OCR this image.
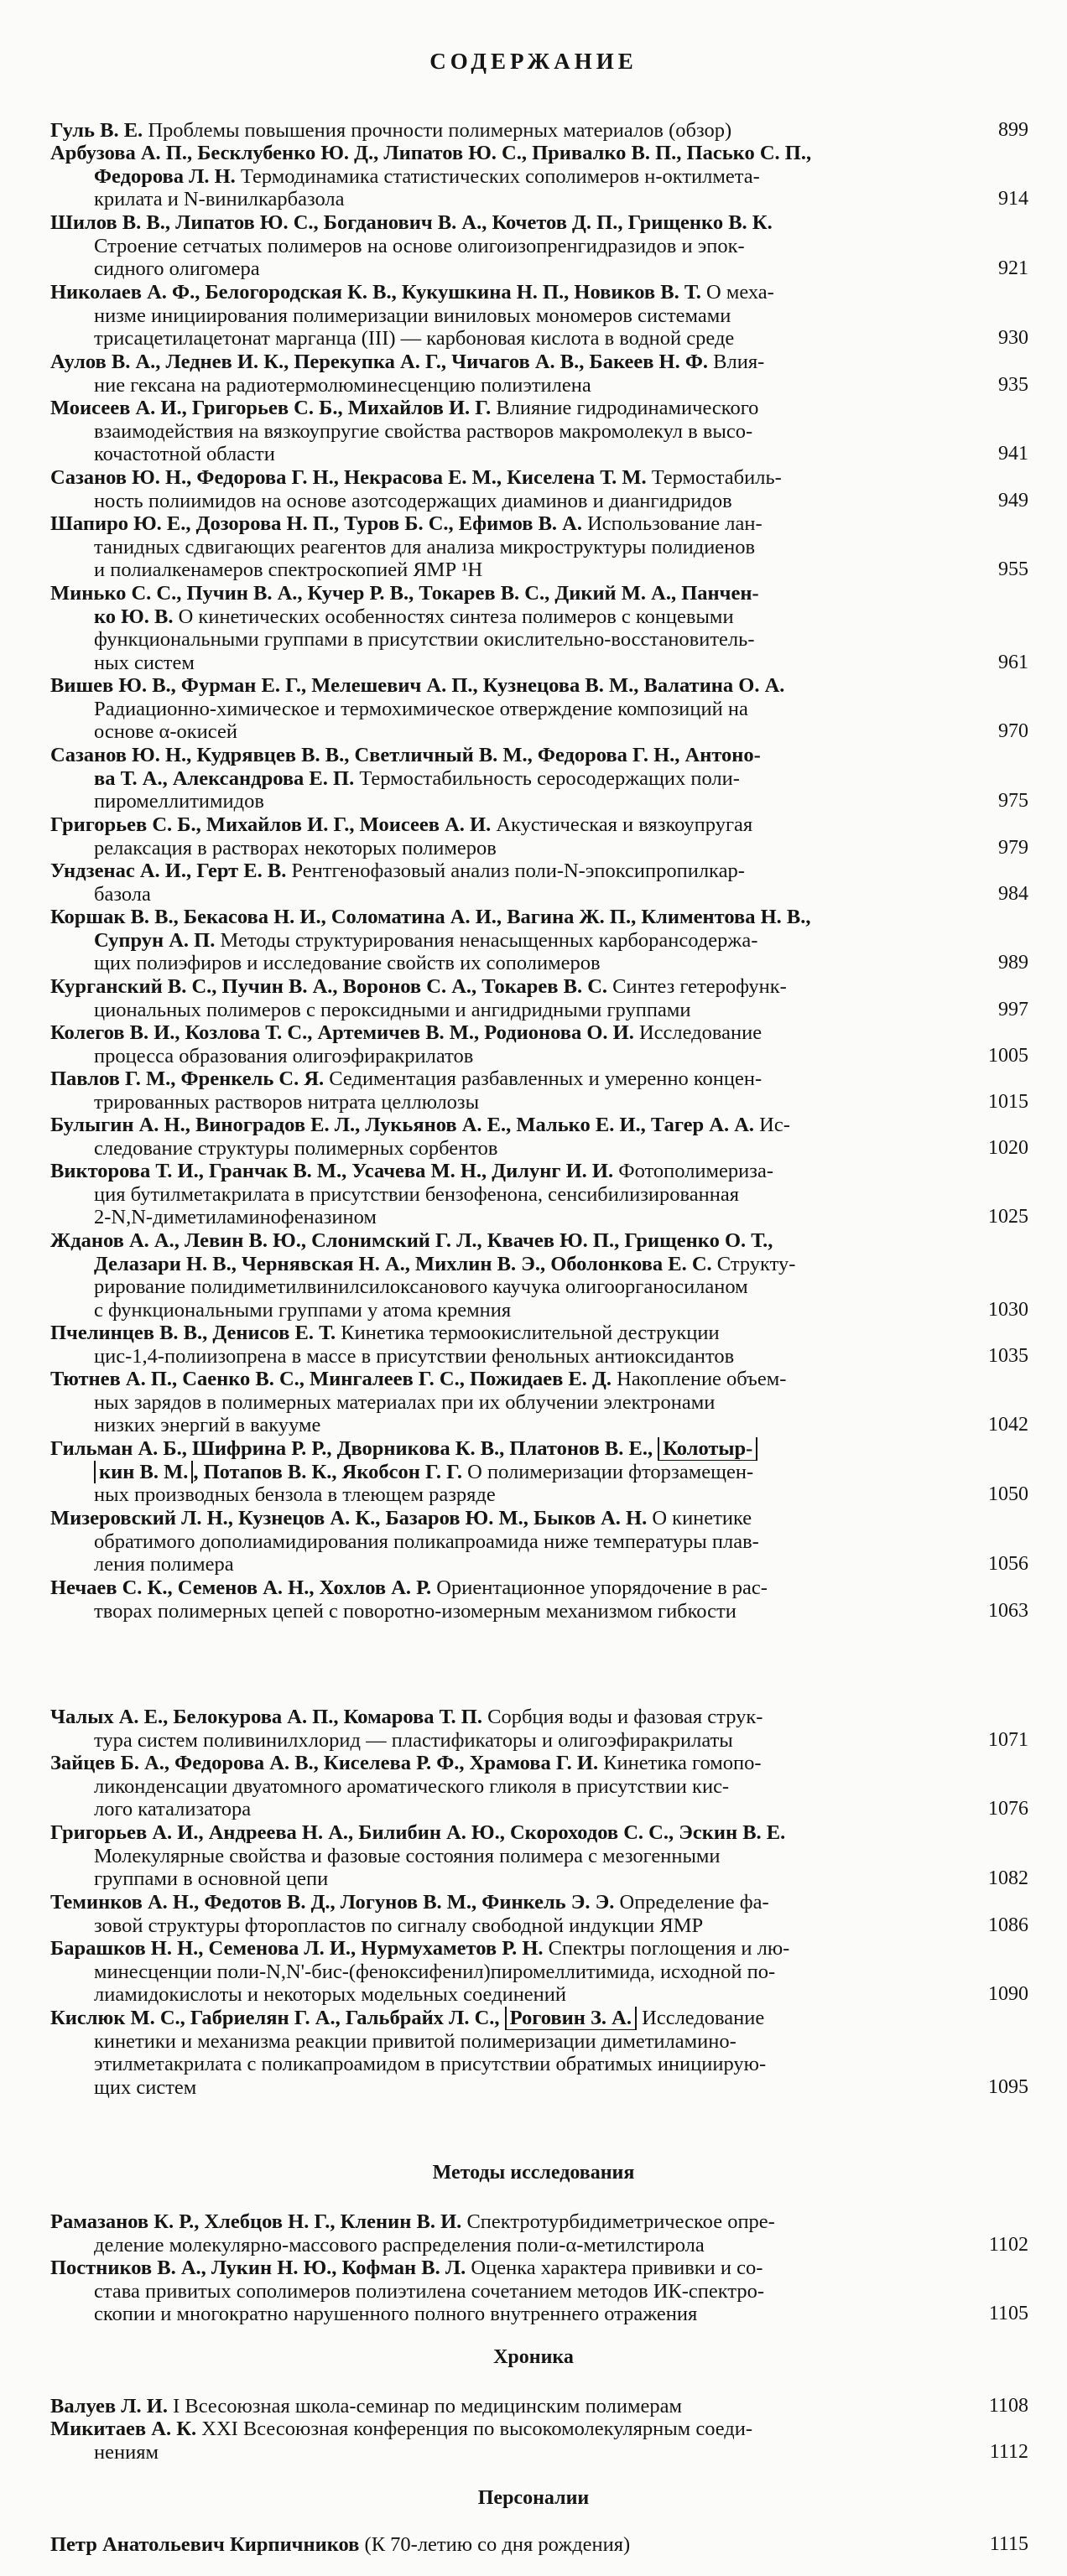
СОДЕРЖАНИЕ
Гуль В. Е. Проблемы повышения прочности полимерных материалов (обзор)	899
Арбузова А. П., Бесклубенко Ю. Д., Липатов Ю. С., Привалко В. П., Пасько С. П.,
Федорова Л. Н. Термодинамика статистических сополимеров н-октилмета-
крилата и N-винилкарбазола	914
Шилов В. В., Липатов Ю. С., Богданович В. А., Кочетов Д. П., Грищенко В. К.
Строение сетчатых полимеров на основе олигоизопренгидразидов и эпок-
сидного олигомера	921
Николаев А. Ф., Белогородская К. В., Кукушкина Н. П., Новиков В. Т. О меха-
низме инициирования полимеризации виниловых мономеров системами
трисацетилацетонат марганца (III) — карбоновая кислота в водной среде	930
Аулов В. А., Леднев И. К., Перекупка А. Г., Чичагов А. В., Бакеев Н. Ф. Влия-
ние гексана на радиотермолюминесценцию полиэтилена	935
Моисеев А. И., Григорьев С. Б., Михайлов И. Г. Влияние гидродинамического
взаимодействия на вязкоупругие свойства растворов макромолекул в высо-
кочастотной области	941
Сазанов Ю. Н., Федорова Г. Н., Некрасова Е. М., Киселена Т. М. Термостабиль-
ность полиимидов на основе азотсодержащих диаминов и диангидридов	949
Шапиро Ю. Е., Дозорова Н. П., Туров Б. С., Ефимов В. А. Использование лан-
танидных сдвигающих реагентов для анализа микроструктуры полидиенов
и полиалкенамеров спектроскопией ЯМР ¹Н	955
Минько С. С., Пучин В. А., Кучер Р. В., Токарев В. С., Дикий М. А., Панчен-
ко Ю. В. О кинетических особенностях синтеза полимеров с концевыми
функциональными группами в присутствии окислительно-восстановитель-
ных систем	961
Вишев Ю. В., Фурман Е. Г., Мелешевич А. П., Кузнецова В. М., Валатина О. А.
Радиационно-химическое и термохимическое отверждение композиций на
основе α-окисей	970
Сазанов Ю. Н., Кудрявцев В. В., Светличный В. М., Федорова Г. Н., Антоно-
ва Т. А., Александрова Е. П. Термостабильность серосодержащих поли-
пиромеллитимидов	975
Григорьев С. Б., Михайлов И. Г., Моисеев А. И. Акустическая и вязкоупругая
релаксация в растворах некоторых полимеров	979
Ундзенас А. И., Герт Е. В. Рентгенофазовый анализ поли-N-эпоксипропилкар-
базола	984
Коршак В. В., Бекасова Н. И., Соломатина А. И., Вагина Ж. П., Климентова Н. В.,
Супрун А. П. Методы структурирования ненасыщенных карборансодержа-
щих полиэфиров и исследование свойств их сополимеров	989
Курганский В. С., Пучин В. А., Воронов С. А., Токарев В. С. Синтез гетерофунк-
циональных полимеров с пероксидными и ангидридными группами	997
Колегов В. И., Козлова Т. С., Артемичев В. М., Родионова О. И. Исследование
процесса образования олигоэфиракрилатов	1005
Павлов Г. М., Френкель С. Я. Седиментация разбавленных и умеренно концен-
трированных растворов нитрата целлюлозы	1015
Булыгин А. Н., Виноградов Е. Л., Лукьянов А. Е., Малько Е. И., Тагер А. А. Ис-
следование структуры полимерных сорбентов	1020
Викторова Т. И., Гранчак В. М., Усачева М. Н., Дилунг И. И. Фотополимериза-
ция бутилметакрилата в присутствии бензофенона, сенсибилизированная
2-N,N-диметиламинофеназином	1025
Жданов А. А., Левин В. Ю., Слонимский Г. Л., Квачев Ю. П., Грищенко О. Т.,
Делазари Н. В., Чернявская Н. А., Михлин В. Э., Оболонкова Е. С. Структу-
рирование полидиметилвинилсилоксанового каучука олигоорганосиланом
с функциональными группами у атома кремния	1030
Пчелинцев В. В., Денисов Е. Т. Кинетика термоокислительной деструкции
цис-1,4-полиизопрена в массе в присутствии фенольных антиоксидантов	1035
Тютнев А. П., Саенко В. С., Мингалеев Г. С., Пожидаев Е. Д. Накопление объем-
ных зарядов в полимерных материалах при их облучении электронами
низких энергий в вакууме	1042
Гильман А. Б., Шифрина Р. Р., Дворникова К. В., Платонов В. Е., Колотыр-
кин В. М. , Потапов В. К., Якобсон Г. Г. О полимеризации фторзамещен-
ных производных бензола в тлеющем разряде	1050
Мизеровский Л. Н., Кузнецов А. К., Базаров Ю. М., Быков А. Н. О кинетике
обратимого дополиамидирования поликапроамида ниже температуры плав-
ления полимера	1056
Нечаев С. К., Семенов А. Н., Хохлов А. Р. Ориентационное упорядочение в рас-
творах полимерных цепей с поворотно-изомерным механизмом гибкости	1063
Чалых А. Е., Белокурова А. П., Комарова Т. П. Сорбция воды и фазовая струк-
тура систем поливинилхлорид — пластификаторы и олигоэфиракрилаты	1071
Зайцев Б. А., Федорова А. В., Киселева Р. Ф., Храмова Г. И. Кинетика гомопо-
ликонденсации двуатомного ароматического гликоля в присутствии кис-
лого катализатора	1076
Григорьев А. И., Андреева Н. А., Билибин А. Ю., Скороходов С. С., Эскин В. Е.
Молекулярные свойства и фазовые состояния полимера с мезогенными
группами в основной цепи	1082
Теминков А. Н., Федотов В. Д., Логунов В. М., Финкель Э. Э. Определение фа-
зовой структуры фторопластов по сигналу свободной индукции ЯМР	1086
Барашков Н. Н., Семенова Л. И., Нурмухаметов Р. Н. Спектры поглощения и лю-
минесценции поли-N,N'-бис-(феноксифенил)пиромеллитимида, исходной по-
лиамидокислоты и некоторых модельных соединений	1090
Кислюк М. С., Габриелян Г. А., Гальбрайх Л. С., Роговин З. А. Исследование
кинетики и механизма реакции привитой полимеризации диметиламино-
этилметакрилата с поликапроамидом в присутствии обратимых инициирую-
щих систем	1095
Рамазанов К. Р., Хлебцов Н. Г., Кленин В. И. Спектротурбидиметрическое опре-
деление молекулярно-массового распределения поли-α-метилстирола	1102
Постников В. А., Лукин Н. Ю., Кофман В. Л. Оценка характера прививки и со-
става привитых сополимеров полиэтилена сочетанием методов ИК-спектро-
скопии и многократно нарушенного полного внутреннего отражения	1105
Валуев Л. И. I Всесоюзная школа-семинар по медицинским полимерам	1108
Микитаев А. К. XXI Всесоюзная конференция по высокомолекулярным соеди-
нениям	1112
Петр Анатольевич Кирпичников (К 70-летию со дня рождения)	1115
Методы исследования
Хроника
Персоналии
